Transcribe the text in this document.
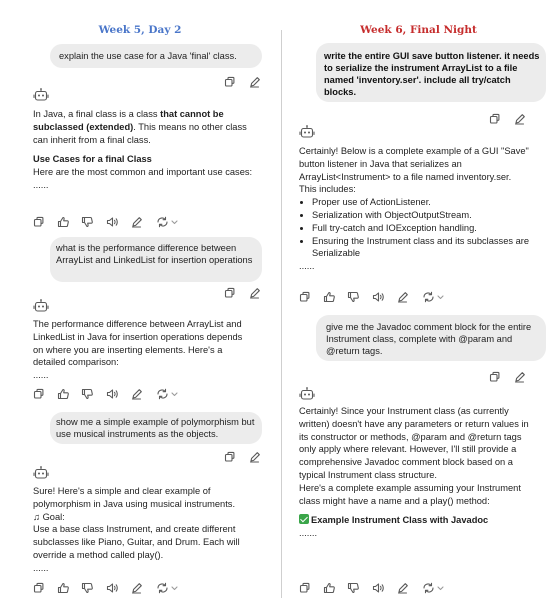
Week 5, Day 2
explain the use case for a Java 'final' class.

In Java, a final class is a class that cannot be subclassed (extended). This means no other class can inherit from a final class.

Use Cases for a final Class

Here are the most common and important use cases:

......

what is the performance difference between ArrayList and LinkedList for insertion operations

The performance difference between ArrayList and LinkedList in Java for insertion operations depends on where you are inserting elements. Here's a detailed comparison:

......

show me a simple example of polymorphism but use musical instruments as the objects.

Sure! Here's a simple and clear example of polymorphism in Java using musical instruments.

♫ Goal:

Use a base class Instrument, and create different subclasses like Piano, Guitar, and Drum. Each will override a method called play().

......

Week 6, Final Night
write the entire GUI save button listener. it needs to serialize the instrument ArrayList to a file named 'inventory.ser'. include all try/catch blocks.

Certainly! Below is a complete example of a GUI "Save" button listener in Java that serializes an ArrayList<Instrument> to a file named inventory.ser.

This includes:

• Proper use of ActionListener.
• Serialization with ObjectOutputStream.
• Full try-catch and IOException handling.
• Ensuring the Instrument class and its subclasses are Serializable

......

give me the Javadoc comment block for the entire Instrument class, complete with @param and @return tags.

Certainly! Since your Instrument class (as currently written) doesn't have any parameters or return values in its constructor or methods, @param and @return tags only apply where relevant. However, I'll still provide a comprehensive Javadoc comment block based on a typical Instrument class structure.

Here's a complete example assuming your Instrument class might have a name and a play() method:

Example Instrument Class with Javadoc

.......
